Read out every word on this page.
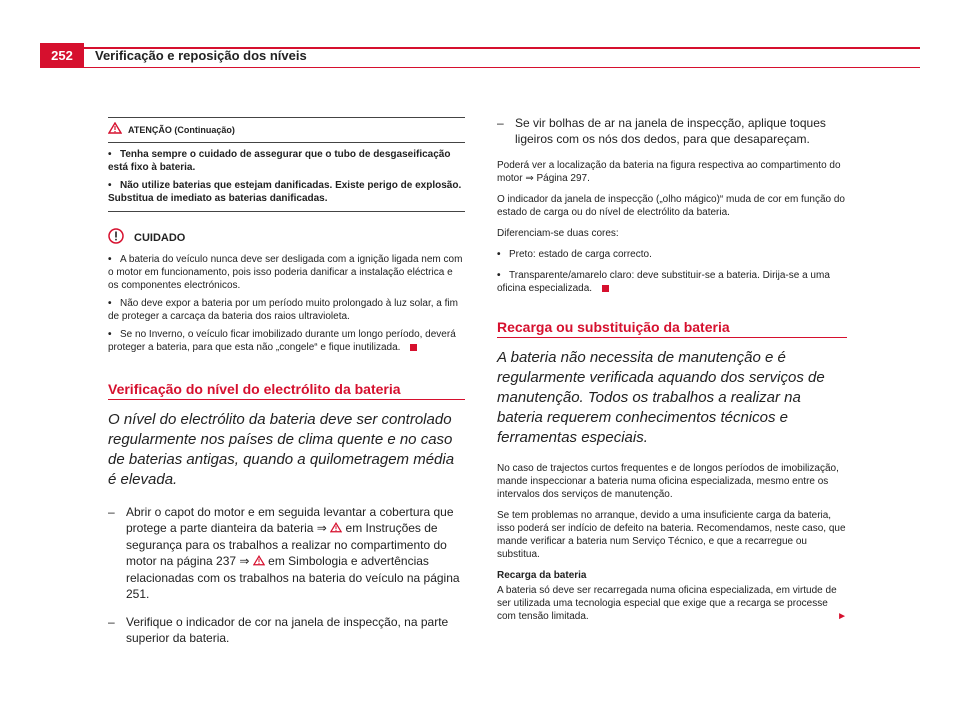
252	Verificação e reposição dos níveis
ATENÇÃO (Continuação)
• Tenha sempre o cuidado de assegurar que o tubo de desgaseificação está fixo à bateria.
• Não utilize baterias que estejam danificadas. Existe perigo de explosão. Substitua de imediato as baterias danificadas.
CUIDADO
• A bateria do veículo nunca deve ser desligada com a ignição ligada nem com o motor em funcionamento, pois isso poderia danificar a instalação eléctrica e os componentes electrónicos.
• Não deve expor a bateria por um período muito prolongado à luz solar, a fim de proteger a carcaça da bateria dos raios ultravioleta.
• Se no Inverno, o veículo ficar imobilizado durante um longo período, deverá proteger a bateria, para que esta não „congele“ e fique inutilizada.
Verificação do nível do electrólito da bateria
O nível do electrólito da bateria deve ser controlado regularmente nos países de clima quente e no caso de baterias antigas, quando a quilometragem média é elevada.
– Abrir o capot do motor e em seguida levantar a cobertura que protege a parte dianteira da bateria ⇒ em Instruções de segurança para os trabalhos a realizar no compartimento do motor na página 237 ⇒ em Simbologia e advertências relacionadas com os trabalhos na bateria do veículo na página 251.
– Verifique o indicador de cor na janela de inspecção, na parte superior da bateria.
– Se vir bolhas de ar na janela de inspecção, aplique toques ligeiros com os nós dos dedos, para que desapareçam.
Poderá ver a localização da bateria na figura respectiva ao compartimento do motor ⇒ Página 297.
O indicador da janela de inspecção („olho mágico)“ muda de cor em função do estado de carga ou do nível de electrólito da bateria.
Diferenciam-se duas cores:
• Preto: estado de carga correcto.
• Transparente/amarelo claro: deve substituir-se a bateria. Dirija-se a uma oficina especializada.
Recarga ou substituição da bateria
A bateria não necessita de manutenção e é regularmente verificada aquando dos serviços de manutenção. Todos os trabalhos a realizar na bateria requerem conhecimentos técnicos e ferramentas especiais.
No caso de trajectos curtos frequentes e de longos períodos de imobilização, mande inspeccionar a bateria numa oficina especializada, mesmo entre os intervalos dos serviços de manutenção.
Se tem problemas no arranque, devido a uma insuficiente carga da bateria, isso poderá ser indício de defeito na bateria. Recomendamos, neste caso, que mande verificar a bateria num Serviço Técnico, e que a recarregue ou substitua.
Recarga da bateria
A bateria só deve ser recarregada numa oficina especializada, em virtude de ser utilizada uma tecnologia especial que exige que a recarga se processe com tensão limitada.	►
